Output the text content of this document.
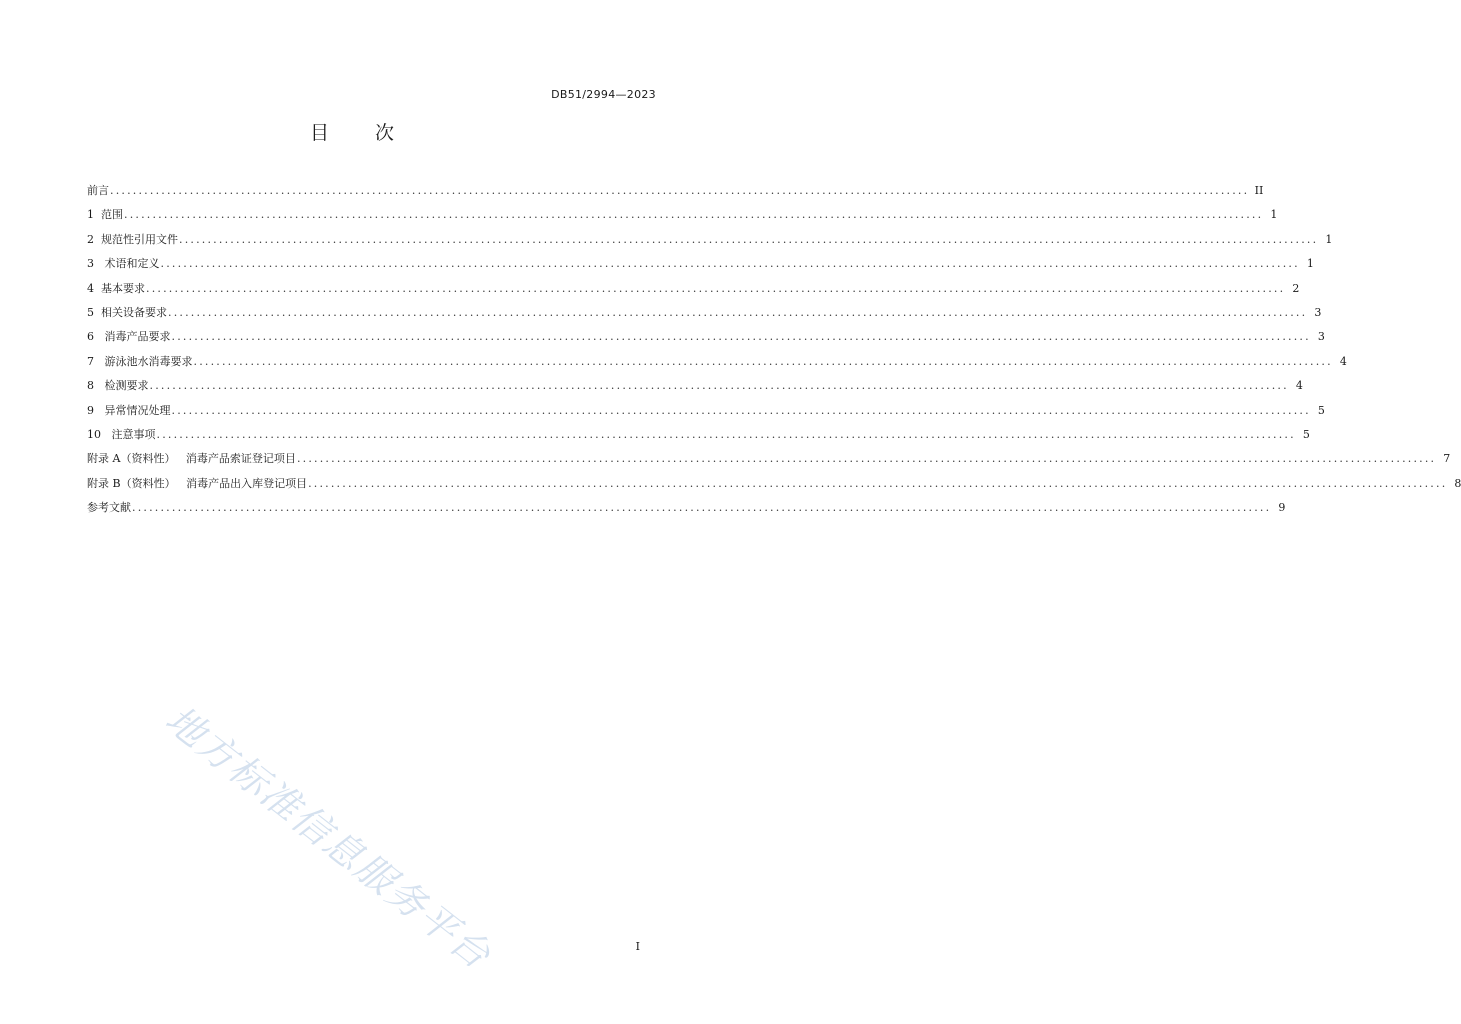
DB51/2994—2023
目 次
前言 ........................................................................................................................................................................................................ II
1  范围 ........................................................................................................................................................................................................ 1
2  规范性引用文件 ........................................................................................................................................................................................................ 1
3   术语和定义 ........................................................................................................................................................................................................ 1
4  基本要求 ........................................................................................................................................................................................................ 2
5  相关设备要求 ........................................................................................................................................................................................................ 3
6   消毒产品要求 ........................................................................................................................................................................................................ 3
7   游泳池水消毒要求 ........................................................................................................................................................................................................ 4
8   检测要求 ........................................................................................................................................................................................................ 4
9   异常情况处理 ........................................................................................................................................................................................................ 5
10   注意事项 ........................................................................................................................................................................................................ 5
附录 A（资料性）   消毒产品索证登记项目 ........................................................................................................................................................................................................ 7
附录 B（资料性）   消毒产品出入库登记项目 ........................................................................................................................................................................................................ 8
参考文献 ........................................................................................................................................................................................................ 9
地方标准信息服务平台	I
